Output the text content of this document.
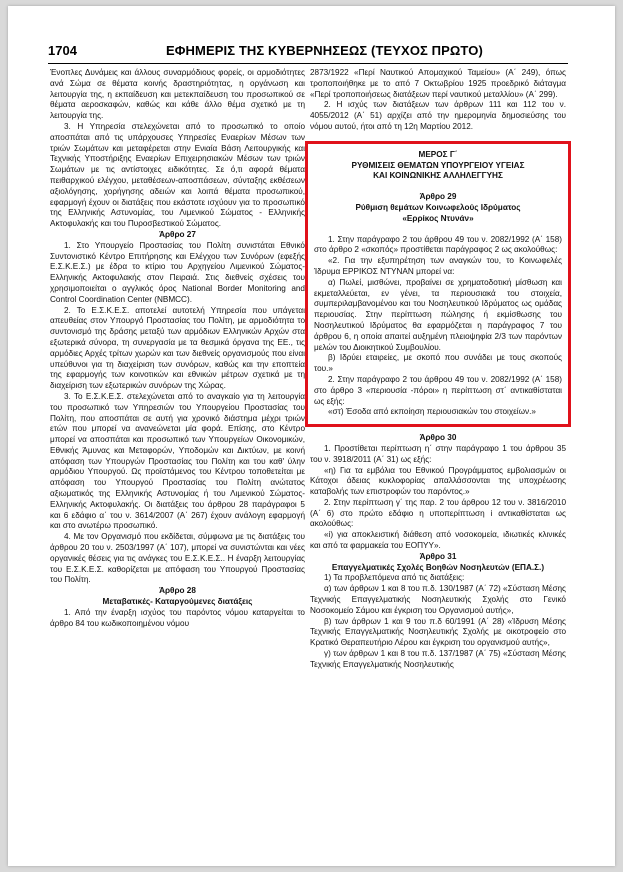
1704	ΕΦΗΜΕΡΙΣ ΤΗΣ ΚΥΒΕΡΝΗΣΕΩΣ (ΤΕΥΧΟΣ ΠΡΩΤΟ)

Ένοπλες Δυνάμεις και άλλους συναρμόδιους φορείς, οι αρμοδιότητες ανά Σώμα σε θέματα κοινής δραστηριότητας, η οργάνωση και λειτουργία της, η εκπαίδευση και μετεκπαίδευση του προσωπικού σε θέματα αεροσκαφών, καθώς και κάθε άλλο θέμα σχετικό με τη λειτουργία της.

3. Η Υπηρεσία στελεχώνεται από το προσωπικό το οποίο αποσπάται από τις υπάρχουσες Υπηρεσίες Εναερίων Μέσων των τριών Σωμάτων και μεταφέρεται στην Ενιαία Βάση Λειτουργικής και Τεχνικής Υποστήριξης Εναερίων Επιχειρησιακών Μέσων των τριών Σωμάτων με τις αντίστοιχες ειδικότητες. Σε ό,τι αφορά θέματα πειθαρχικού ελέγχου, μεταθέσεων-αποσπάσεων, σύνταξης εκθέσεων αξιολόγησης, χορήγησης αδειών και λοιπά θέματα προσωπικού, εφαρμογή έχουν οι διατάξεις που εκάστοτε ισχύουν για το προσωπικό της Ελληνικής Αστυνομίας, του Λιμενικού Σώματος - Ελληνικής Ακτοφυλακής και του Πυροσβεστικού Σώματος.

Άρθρο 27

1. Στο Υπουργείο Προστασίας του Πολίτη συνιστάται Εθνικό Συντονιστικό Κέντρο Επιτήρησης και Ελέγχου των Συνόρων (εφεξής Ε.Σ.Κ.Ε.Σ.) με έδρα το κτίριο του Αρχηγείου Λιμενικού Σώματος- Ελληνικής Ακτοφυλακής στον Πειραιά. Στις διεθνείς σχέσεις του χρησιμοποιείται ο αγγλικός όρος National Border Monitoring and Control Coordination Center (NBMCC).

2. Το Ε.Σ.Κ.Ε.Σ. αποτελεί αυτοτελή Υπηρεσία που υπάγεται απευθείας στον Υπουργό Προστασίας του Πολίτη, με αρμοδιότητα το συντονισμό της δράσης μεταξύ των αρμόδιων Ελληνικών Αρχών στα εξωτερικά σύνορα, τη συνεργασία με τα θεσμικά όργανα της ΕΕ., τις αρμόδιες Αρχές τρίτων χωρών και των διεθνείς οργανισμούς που είναι υπεύθυνοι για τη διαχείριση των συνόρων, καθώς και την εποπτεία της εφαρμογής των κοινοτικών και εθνικών μέτρων σχετικά με τη διαχείριση των εξωτερικών συνόρων της Χώρας.

3. Το Ε.Σ.Κ.Ε.Σ. στελεχώνεται από το αναγκαίο για τη λειτουργία του προσωπικό των Υπηρεσιών του Υπουργείου Προστασίας του Πολίτη, που αποσπάται σε αυτή για χρονικό διάστημα μέχρι τριών ετών που μπορεί να ανανεώνεται μία φορά. Επίσης, στο Κέντρο μπορεί να αποσπάται και προσωπικό των Υπουργείων Οικονομικών, Εθνικής Άμυνας και Μεταφορών, Υποδομών και Δικτύων, με κοινή απόφαση των Υπουργών Προστασίας του Πολίτη και του καθ' ύλην αρμόδιου Υπουργού. Ως προϊστάμενος του Κέντρου τοποθετείται με απόφαση του Υπουργού Προστασίας του Πολίτη ανώτατος αξιωματικός της Ελληνικής Αστυνομίας ή του Λιμενικού Σώματος-Ελληνικής Ακτοφυλακής. Οι διατάξεις του άρθρου 28 παράγραφοι 5 και 6 εδάφιο α΄ του ν. 3614/2007 (Α΄ 267) έχουν ανάλογη εφαρμογή και στο ανωτέρω προσωπικό.

4. Με τον Οργανισμό που εκδίδεται, σύμφωνα με τις διατάξεις του άρθρου 20 του ν. 2503/1997 (Α΄ 107), μπορεί να συνιστώνται και νέες οργανικές θέσεις για τις ανάγκες του Ε.Σ.Κ.Ε.Σ.. Η έναρξη λειτουργίας του Ε.Σ.Κ.Ε.Σ. καθορίζεται με απόφαση του Υπουργού Προστασίας του Πολίτη.

Άρθρο 28

Μεταβατικές- Καταργούμενες διατάξεις

1. Από την έναρξη ισχύος του παρόντος νόμου καταργείται το άρθρο 84 του κωδικοποιημένου νόμου

2873/1922 «Περί Ναυτικού Απομαχικού Ταμείου» (Α΄ 249), όπως τροποποιήθηκε με το από 7 Οκτωβρίου 1925 προεδρικό διάταγμα «Περί τροποποιήσεως διατάξεων περί ναυτικού μεταλλίου» (Α΄ 299).

2. Η ισχύς των διατάξεων των άρθρων 111 και 112 του ν. 4055/2012 (Α΄ 51) αρχίζει από την ημερομηνία δημοσιεύσης του νόμου αυτού, ήτοι από τη 12η Μαρτίου 2012.

ΜΕΡΟΣ Γ΄

ΡΥΘΜΙΣΕΙΣ ΘΕΜΑΤΩΝ ΥΠΟΥΡΓΕΙΟΥ ΥΓΕΙΑΣ

ΚΑΙ ΚΟΙΝΩΝΙΚΗΣ ΑΛΛΗΛΕΓΓΥΗΣ

Άρθρο 29

Ρύθμιση θεμάτων Κοινωφελούς Ιδρύματος

«Ερρίκος Ντυνάν»

1. Στην παράγραφο 2 του άρθρου 49 του ν. 2082/1992 (Α΄ 158) στο άρθρο 2 «σκοπός» προστίθεται παράγραφος 2 ως ακολούθως:

«2. Για την εξυπηρέτηση των αναγκών του, το Κοινωφελές Ίδρυμα ΕΡΡΙΚΟΣ ΝΤΥΝΑΝ μπορεί να:

α) Πωλεί, μισθώνει, προβαίνει σε χρηματοδοτική μίσθωση και εκμεταλλεύεται, εν γένει, τα περιουσιακά του στοιχεία, συμπεριλαμβανομένου και του Νοσηλευτικού Ιδρύματος ως ομάδας περιουσίας. Στην περίπτωση πώλησης ή εκμίσθωσης του Νοσηλευτικού Ιδρύματος θα εφαρμόζεται η παράγραφος 7 του άρθρου 6, η οποία απαιτεί αυξημένη πλειοψηφία 2/3 των παρόντων μελών του Διοικητικού Συμβουλίου.

β) Ιδρύει εταιρείες, με σκοπό που συνάδει με τους σκοπούς του.»

2. Στην παράγραφο 2 του άρθρου 49 του ν. 2082/1992 (Α΄ 158) στο άρθρο 3 «περιουσία -πόροι» η περίπτωση στ΄ αντικαθίσταται ως εξής:

«στ) Έσοδα από εκποίηση περιουσιακών του στοιχείων.»

Άρθρο 30

1. Προστίθεται περίπτωση η΄ στην παράγραφο 1 του άρθρου 35 του ν. 3918/2011 (Α΄ 31) ως εξής:

«η) Για τα εμβόλια του Εθνικού Προγράμματος εμβολιασμών οι Κάτοχοι άδειας κυκλοφορίας απαλλάσσονται της υποχρέωσης καταβολής των επιστροφών του παρόντος.»

2. Στην περίπτωση γ΄ της παρ. 2 του άρθρου 12 του ν. 3816/2010 (Α΄ 6) στο πρώτο εδάφιο η υποπερίπτωση i αντικαθίσταται ως ακολούθως:

«i) για αποκλειστική διάθεση από νοσοκομεία, ιδιωτικές κλινικές και από τα φαρμακεία του ΕΟΠΥΥ».

Άρθρο 31

Επαγγελματικές Σχολές Βοηθών Νοσηλευτών (ΕΠΑ.Σ.)

1) Τα προβλεπόμενα από τις διατάξεις:

α) των άρθρων 1 και 8 του π.δ. 130/1987 (Α΄ 72) «Σύσταση Μέσης Τεχνικής Επαγγελματικής Νοσηλευτικής Σχολής στο Γενικό Νοσοκομείο Σάμου και έγκριση του Οργανισμού αυτής»,

β) των άρθρων 1 και 9 του π.δ 60/1991 (Α΄ 28) «Ίδρυση Μέσης Τεχνικής Επαγγελματικής Νοσηλευτικής Σχολής με οικοτροφείο στο Κρατικό Θεραπευτήριο Λέρου και έγκριση του οργανισμού αυτής»,

γ) των άρθρων 1 και 8 του π.δ. 137/1987 (Α΄ 75) «Σύσταση Μέσης Τεχνικής Επαγγελματικής Νοσηλευτικής
